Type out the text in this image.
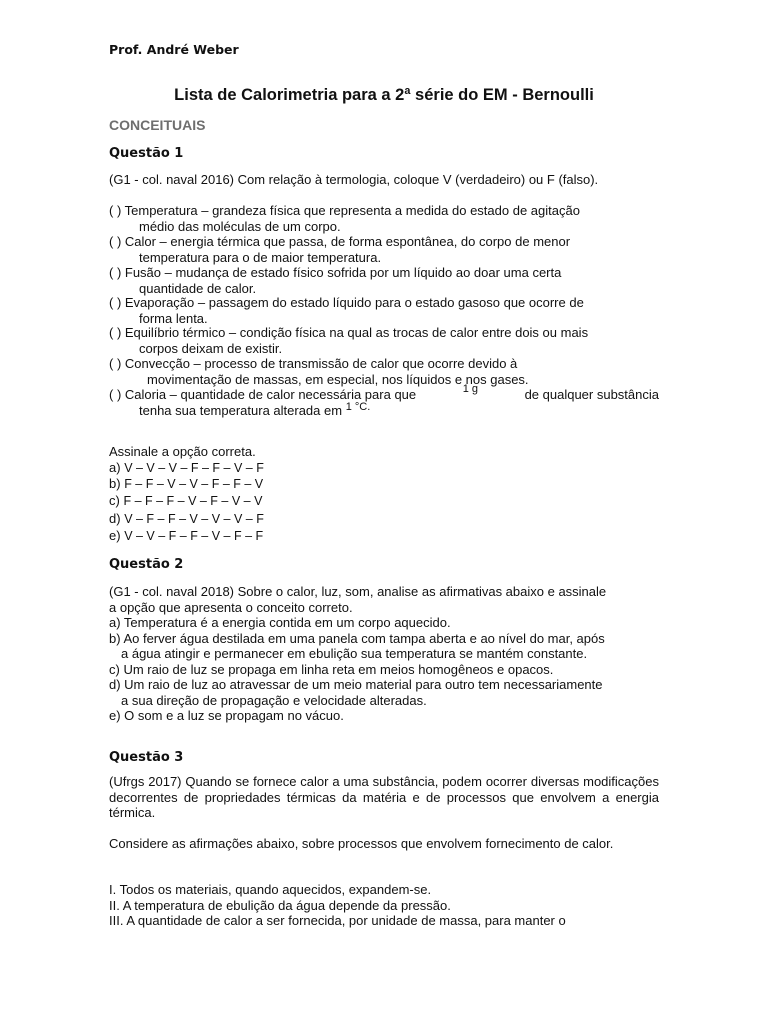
Prof. André Weber
Lista de Calorimetria para a 2ª série do EM - Bernoulli
CONCEITUAIS
Questão 1
(G1 - col. naval 2016) Com relação à termologia, coloque V (verdadeiro) ou F (falso).
( ) Temperatura – grandeza física que representa a medida do estado de agitação
médio das moléculas de um corpo.
( ) Calor – energia térmica que passa, de forma espontânea, do corpo de menor
temperatura para o de maior temperatura.
( ) Fusão – mudança de estado físico sofrida por um líquido ao doar uma certa
quantidade de calor.
( ) Evaporação – passagem do estado líquido para o estado gasoso que ocorre de
forma lenta.
( ) Equilíbrio térmico – condição física na qual as trocas de calor entre dois ou mais
corpos deixam de existir.
( ) Convecção – processo de transmissão de calor que ocorre devido à
movimentação de massas, em especial, nos líquidos e nos gases.
( ) Caloria – quantidade de calor necessária para que	1 g	de qualquer substância
tenha sua temperatura alterada em $^{1 ^\circ C.}$
Assinale a opção correta.
a) V – V – V – F – F – V – F
b) F – F – V – V – F – F – V
c) F – F – F – V – F – V – V
d) V – F – F – V – V – V – F
e) V – V – F – F – V – F – F
Questão 2
(G1 - col. naval 2018) Sobre o calor, luz, som, analise as afirmativas abaixo e assinale
a opção que apresenta o conceito correto.
a) Temperatura é a energia contida em um corpo aquecido.
b) Ao ferver água destilada em uma panela com tampa aberta e ao nível do mar, após
a água atingir e permanecer em ebulição sua temperatura se mantém constante.
c) Um raio de luz se propaga em linha reta em meios homogêneos e opacos.
d) Um raio de luz ao atravessar de um meio material para outro tem necessariamente
a sua direção de propagação e velocidade alteradas.
e) O som e a luz se propagam no vácuo.
Questão 3
(Ufrgs 2017) Quando se fornece calor a uma substância, podem ocorrer diversas modificações decorrentes de propriedades térmicas da matéria e de processos que envolvem a energia térmica.
Considere as afirmações abaixo, sobre processos que envolvem fornecimento de calor.
I. Todos os materiais, quando aquecidos, expandem-se.
II. A temperatura de ebulição da água depende da pressão.
III. A quantidade de calor a ser fornecida, por unidade de massa, para manter o
